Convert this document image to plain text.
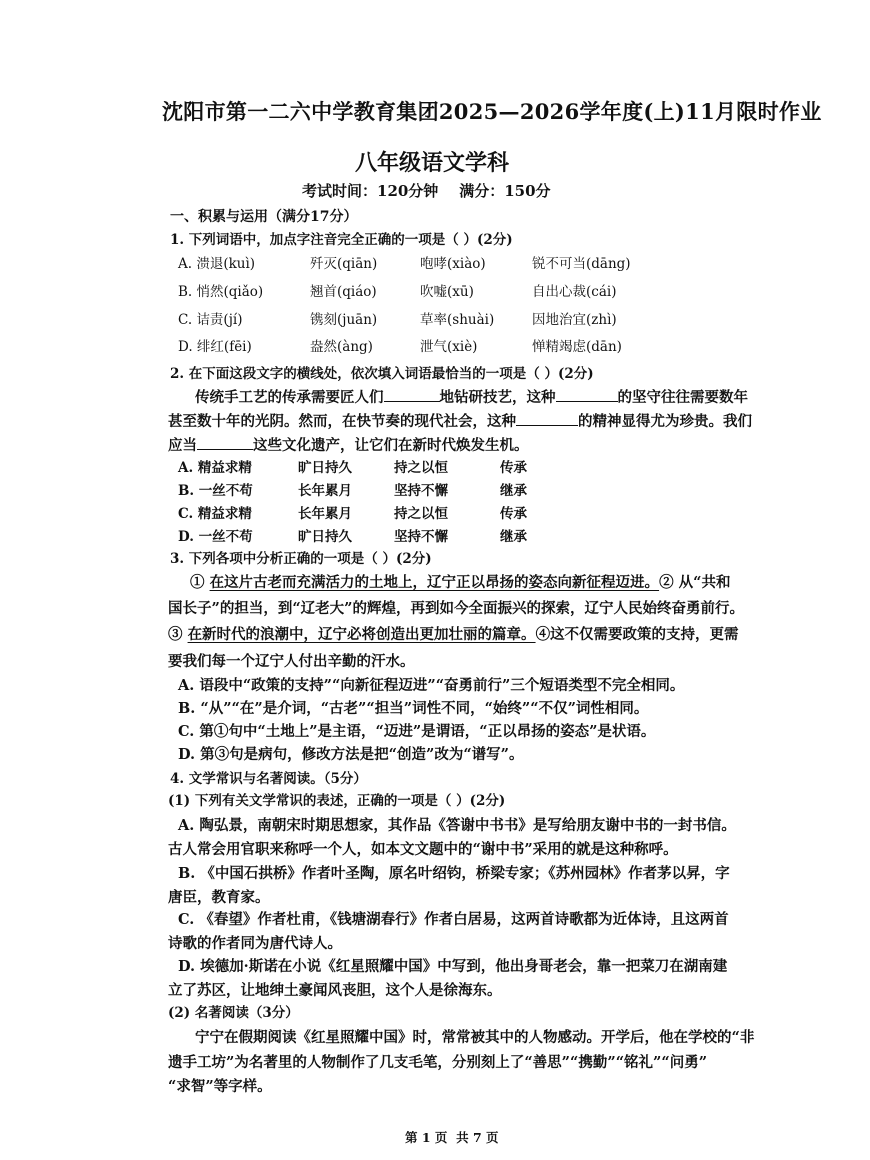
沈阳市第一二六中学教育集团2025—2026学年度(上)11月限时作业
八年级语文学科
考试时间：120分钟    满分：150分
一、积累与运用（满分17分）
1. 下列词语中，加点字注音完全正确的一项是（ ）(2分)
A. 溃退(kuì)	歼灭(qiān)	咆哮(xiào)	锐不可当(dāng)
B. 悄然(qiǎo)	翘首(qiáo)	吹嘘(xū)	自出心裁(cái)
C. 诘责(jí)	镌刻(juān)	草率(shuài)	因地治宜(zhì)
D. 绯红(fēi)	盎然(àng)	泄气(xiè)	惮精竭虑(dān)
2. 在下面这段文字的横线处，依次填入词语最恰当的一项是（ ）(2分)
传统手工艺的传承需要匠人们	地钻研技艺，这种	的坚守往往需要数年
甚至数十年的光阴。然而，在快节奏的现代社会，这种	的精神显得尤为珍贵。我们
应当	这些文化遗产，让它们在新时代焕发生机。
A. 精益求精	旷日持久	持之以恒	传承
B. 一丝不苟	长年累月	坚持不懈	继承
C. 精益求精	长年累月	持之以恒	传承
D. 一丝不苟	旷日持久	坚持不懈	继承
3. 下列各项中分析正确的一项是（ ）(2分)
① 在这片古老而充满活力的土地上，辽宁正以昂扬的姿态向新征程迈进。② 从“共和
国长子”的担当，到“辽老大”的辉煌，再到如今全面振兴的探索，辽宁人民始终奋勇前行。
③ 在新时代的浪潮中，辽宁必将创造出更加壮丽的篇章。④这不仅需要政策的支持，更需
要我们每一个辽宁人付出辛勤的汗水。
A. 语段中“政策的支持”“向新征程迈进”“奋勇前行”三个短语类型不完全相同。
B. “从”“在”是介词，“古老”“担当”词性不同，“始终”“不仅”词性相同。
C. 第①句中“土地上”是主语，“迈进”是谓语，“正以昂扬的姿态”是状语。
D. 第③句是病句，修改方法是把“创造”改为“谱写”。
4. 文学常识与名著阅读。（5分）
(1) 下列有关文学常识的表述，正确的一项是（ ）(2分)
A. 陶弘景，南朝宋时期思想家，其作品《答谢中书书》是写给朋友谢中书的一封书信。
古人常会用官职来称呼一个人，如本文文题中的“谢中书”采用的就是这种称呼。
B. 《中国石拱桥》作者叶圣陶，原名叶绍钧，桥梁专家；《苏州园林》作者茅以昇，字
唐臣，教育家。
C. 《春望》作者杜甫，《钱塘湖春行》作者白居易，这两首诗歌都为近体诗，且这两首
诗歌的作者同为唐代诗人。
D. 埃德加·斯诺在小说《红星照耀中国》中写到，他出身哥老会，靠一把菜刀在湖南建
立了苏区，让地绅土豪闻风丧胆，这个人是徐海东。
(2) 名著阅读（3分）
宁宁在假期阅读《红星照耀中国》时，常常被其中的人物感动。开学后，他在学校的“非
遗手工坊”为名著里的人物制作了几支毛笔，分别刻上了“善思”“携勤”“铭礼”“问勇”
“求智”等字样。
第 1 页  共 7 页
